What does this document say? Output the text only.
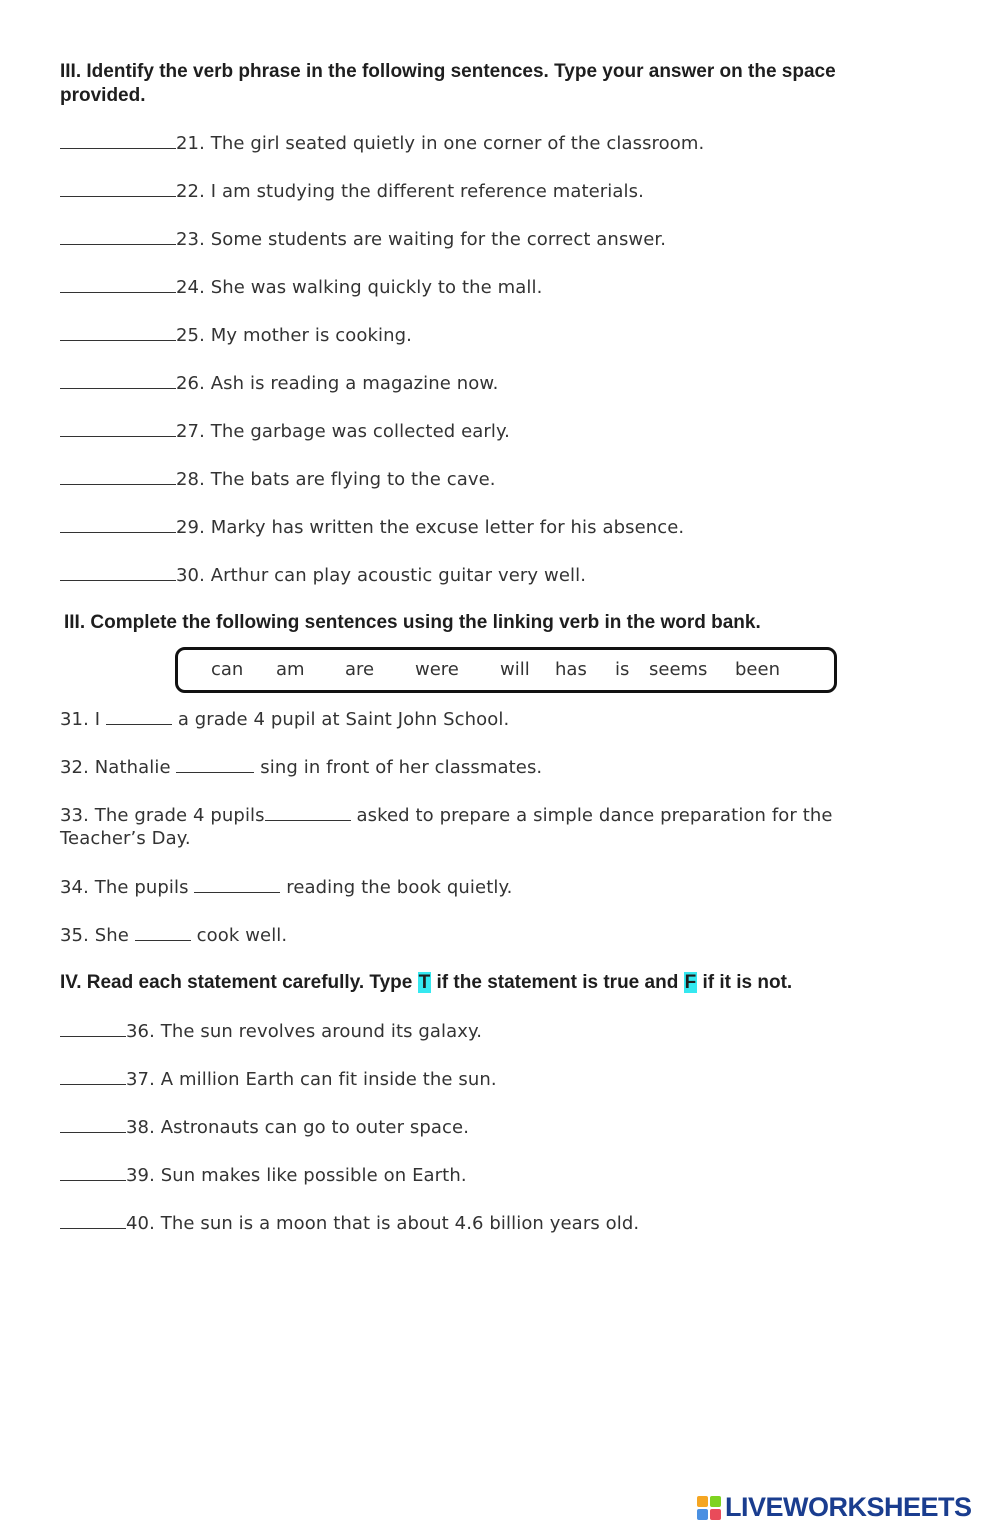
III. Identify the verb phrase in the following sentences. Type your answer on the space
provided.
21. The girl seated quietly in one corner of the classroom.
22. I am studying the different reference materials.
23. Some students are waiting for the correct answer.
24. She was walking quickly to the mall.
25. My mother is cooking.
26. Ash is reading a magazine now.
27. The garbage was collected early.
28. The bats are flying to the cave.
29. Marky has written the excuse letter for his absence.
30. Arthur can play acoustic guitar very well.
III. Complete the following sentences using the linking verb in the word bank.
can am are were will has is seems been
31. I	a grade 4 pupil at Saint John School.
32. Nathalie	sing in front of her classmates.
33. The grade 4 pupils	asked to prepare a simple dance preparation for the
Teacher’s Day.
34. The pupils	reading the book quietly.
35. She	cook well.
IV. Read each statement carefully. Type T if the statement is true and F if it is not.
36. The sun revolves around its galaxy.
37. A million Earth can fit inside the sun.
38. Astronauts can go to outer space.
39. Sun makes like possible on Earth.
40. The sun is a moon that is about 4.6 billion years old.
LIVEWORKSHEETS
